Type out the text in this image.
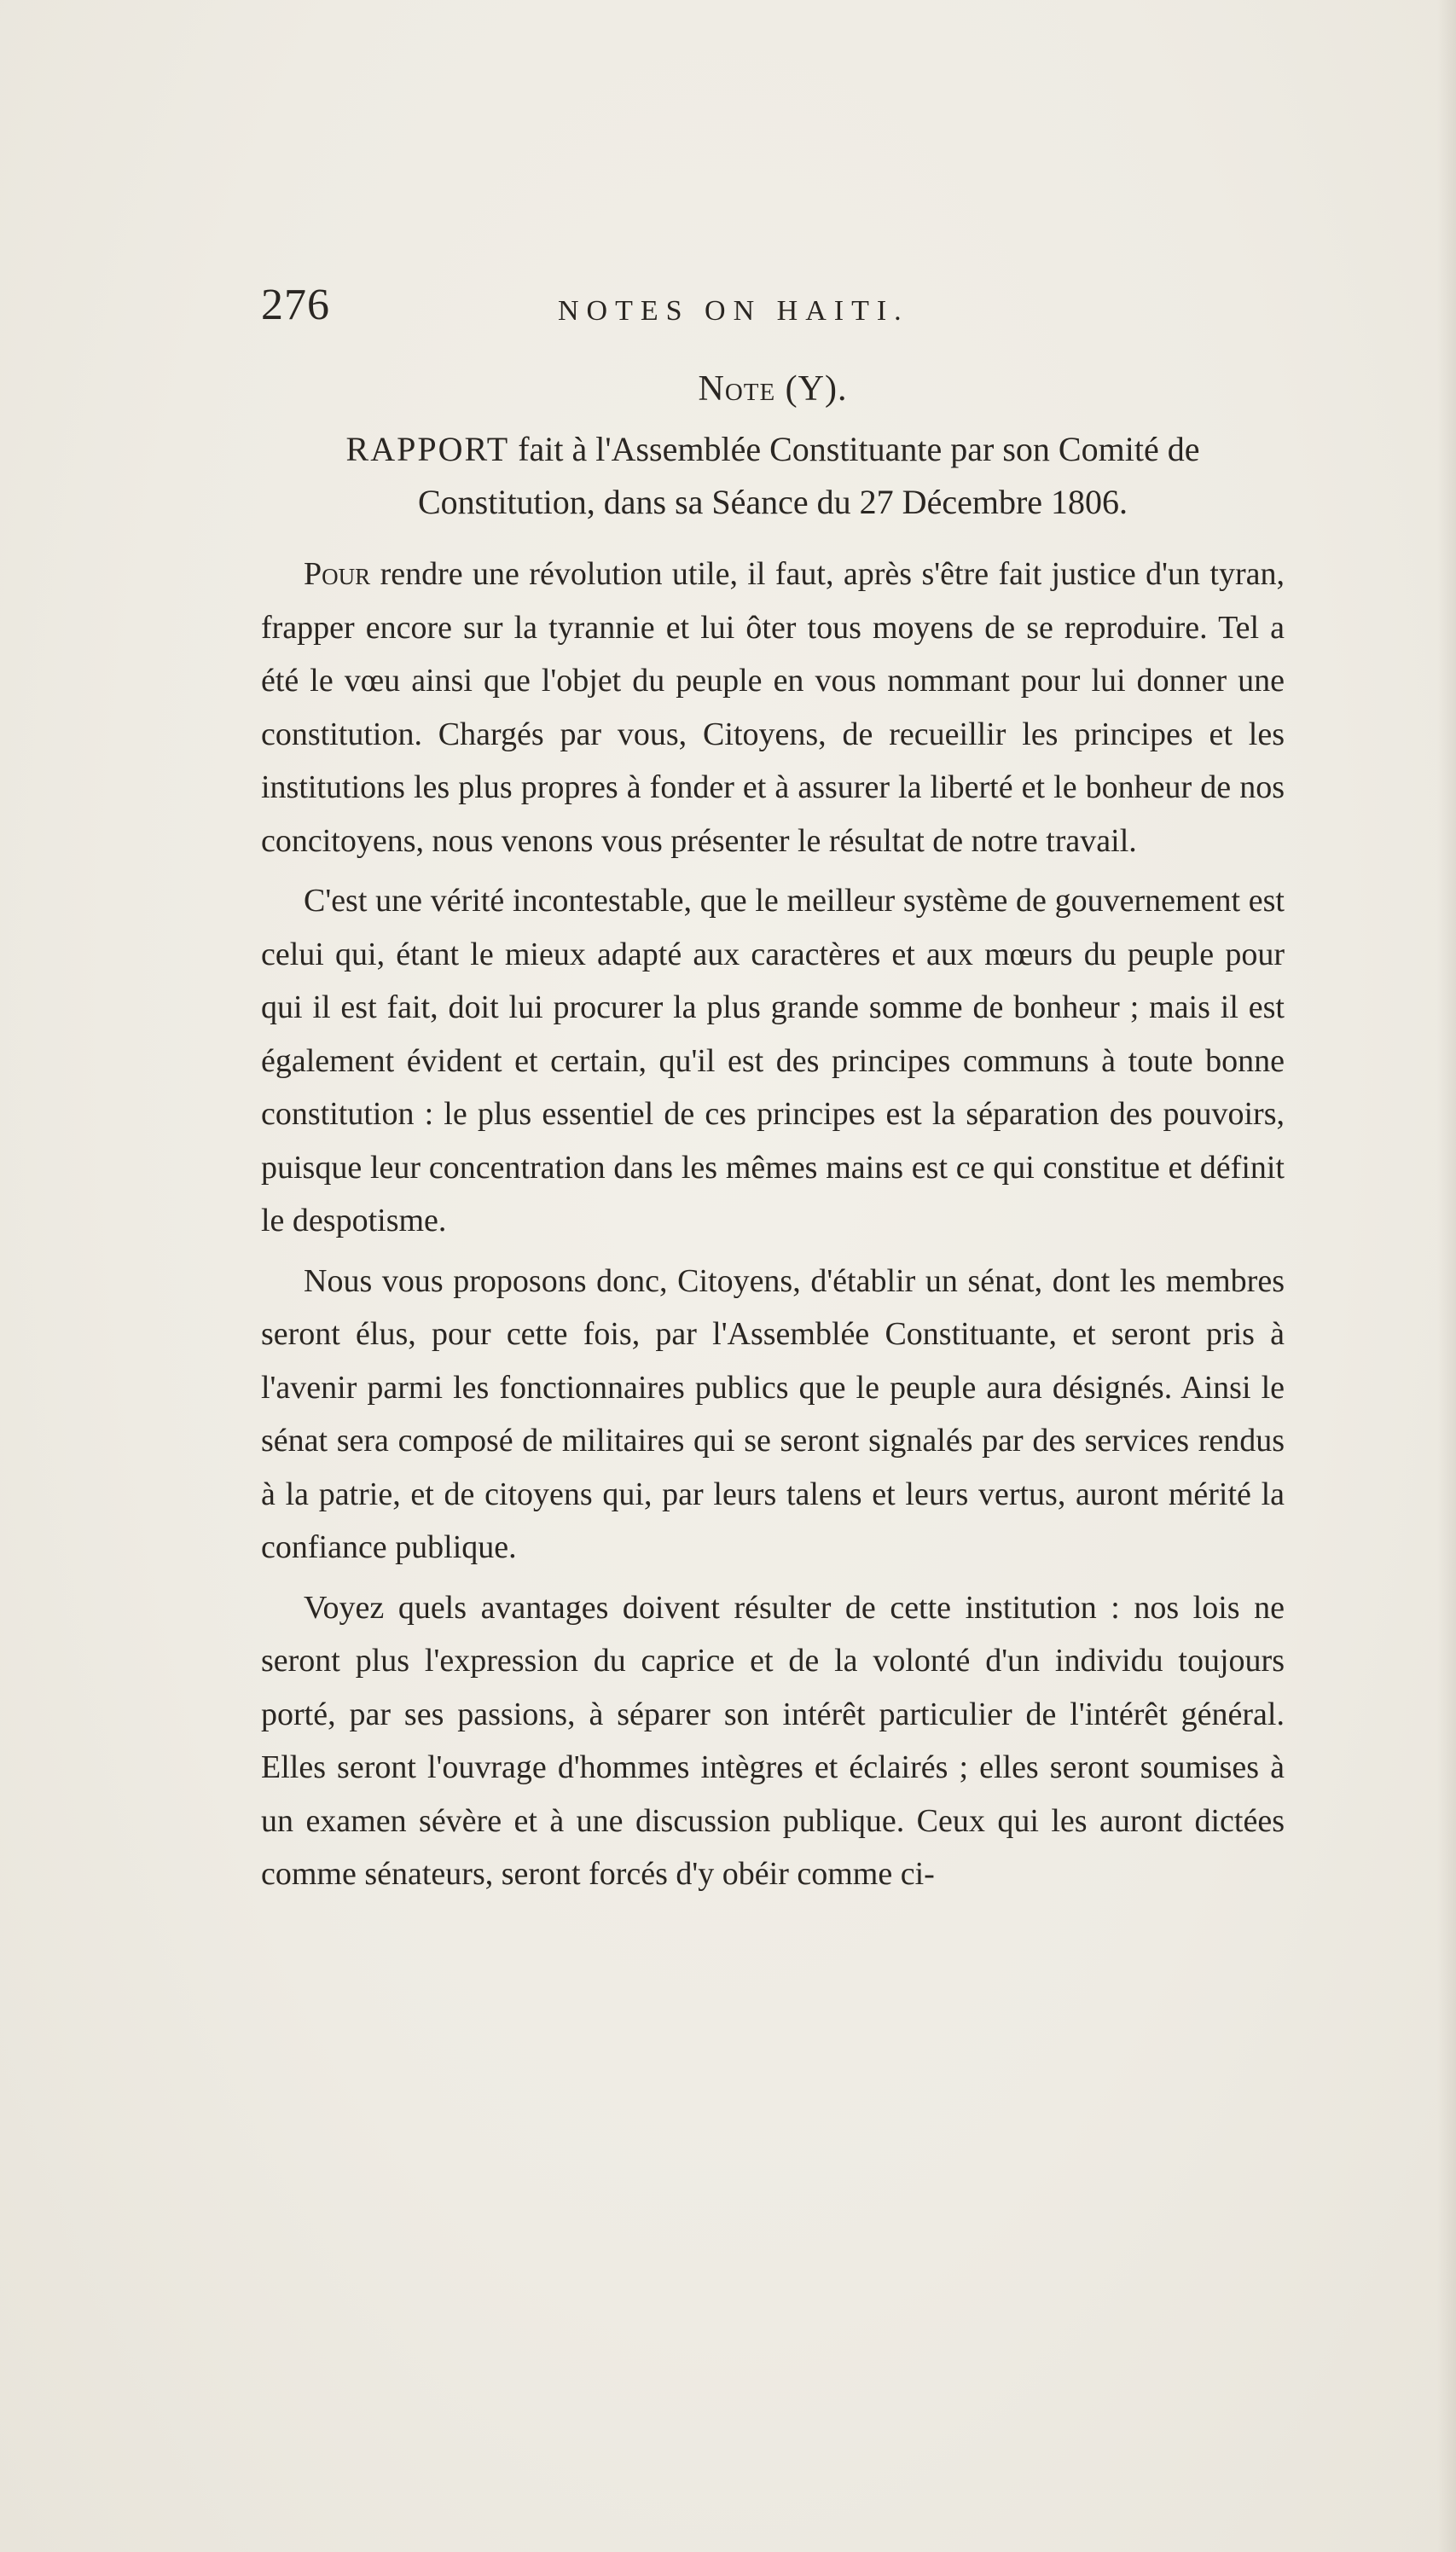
276	NOTES ON HAITI.
Note (Y).

RAPPORT fait à l'Assemblée Constituante par son Comité de Constitution, dans sa Séance du 27 Décembre 1806.

Pour rendre une révolution utile, il faut, après s'être fait justice d'un tyran, frapper encore sur la tyrannie et lui ôter tous moyens de se reproduire. Tel a été le vœu ainsi que l'objet du peuple en vous nommant pour lui donner une constitution. Chargés par vous, Citoyens, de recueillir les principes et les institutions les plus propres à fonder et à assurer la liberté et le bonheur de nos concitoyens, nous venons vous présenter le résultat de notre travail.

C'est une vérité incontestable, que le meilleur système de gouvernement est celui qui, étant le mieux adapté aux caractères et aux mœurs du peuple pour qui il est fait, doit lui procurer la plus grande somme de bonheur ; mais il est également évident et certain, qu'il est des principes communs à toute bonne constitution : le plus essentiel de ces principes est la séparation des pouvoirs, puisque leur concentration dans les mêmes mains est ce qui constitue et définit le despotisme.

Nous vous proposons donc, Citoyens, d'établir un sénat, dont les membres seront élus, pour cette fois, par l'Assemblée Constituante, et seront pris à l'avenir parmi les fonctionnaires publics que le peuple aura désignés. Ainsi le sénat sera composé de militaires qui se seront signalés par des services rendus à la patrie, et de citoyens qui, par leurs talens et leurs vertus, auront mérité la confiance publique.

Voyez quels avantages doivent résulter de cette institution : nos lois ne seront plus l'expression du caprice et de la volonté d'un individu toujours porté, par ses passions, à séparer son intérêt particulier de l'intérêt général. Elles seront l'ouvrage d'hommes intègres et éclairés ; elles seront soumises à un examen sévère et à une discussion publique. Ceux qui les auront dictées comme sénateurs, seront forcés d'y obéir comme ci-
